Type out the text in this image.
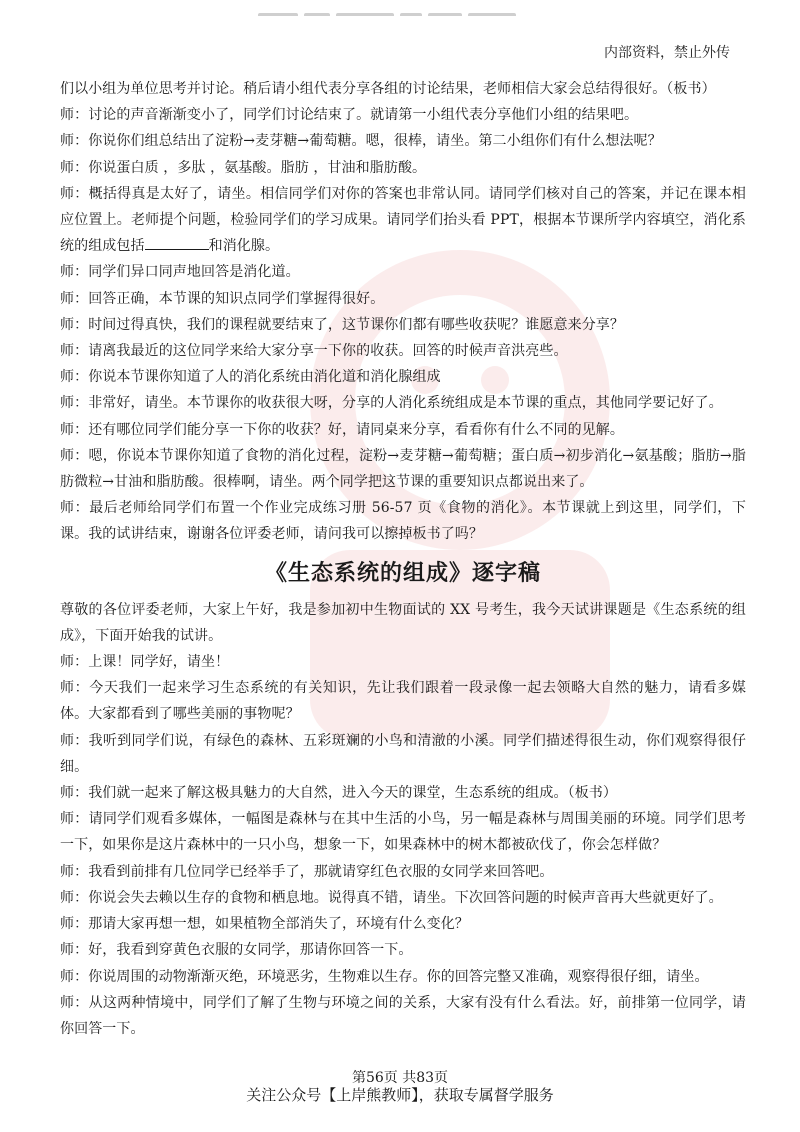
内部资料，禁止外传

们以小组为单位思考并讨论。稍后请小组代表分享各组的讨论结果，老师相信大家会总结得很好。（板书）

师：讨论的声音渐渐变小了，同学们讨论结束了。就请第一小组代表分享他们小组的结果吧。

师：你说你们组总结出了淀粉→麦芽糖→葡萄糖。嗯，很棒，请坐。第二小组你们有什么想法呢？

师：你说蛋白质 ，多肽 ，氨基酸。脂肪 ，甘油和脂肪酸。

师：概括得真是太好了，请坐。相信同学们对你的答案也非常认同。请同学们核对自己的答案，并记在课本相应位置上。老师提个问题，检验同学们的学习成果。请同学们抬头看 PPT，根据本节课所学内容填空，消化系统的组成包括	和消化腺。

师：同学们异口同声地回答是消化道。

师：回答正确，本节课的知识点同学们掌握得很好。

师：时间过得真快，我们的课程就要结束了，这节课你们都有哪些收获呢？谁愿意来分享？

师：请离我最近的这位同学来给大家分享一下你的收获。回答的时候声音洪亮些。

师：你说本节课你知道了人的消化系统由消化道和消化腺组成

师：非常好，请坐。本节课你的收获很大呀，分享的人消化系统组成是本节课的重点，其他同学要记好了。

师：还有哪位同学们能分享一下你的收获？好，请同桌来分享，看看你有什么不同的见解。

师：嗯，你说本节课你知道了食物的消化过程，淀粉→麦芽糖→葡萄糖；蛋白质→初步消化→氨基酸；脂肪→脂肪微粒→甘油和脂肪酸。很棒啊，请坐。两个同学把这节课的重要知识点都说出来了。

师：最后老师给同学们布置一个作业完成练习册 56-57 页《食物的消化》。本节课就上到这里，同学们，下课。我的试讲结束，谢谢各位评委老师，请问我可以擦掉板书了吗？

《生态系统的组成》逐字稿

尊敬的各位评委老师，大家上午好，我是参加初中生物面试的 XX 号考生，我今天试讲课题是《生态系统的组成》，下面开始我的试讲。

师：上课！同学好，请坐！

师：今天我们一起来学习生态系统的有关知识，先让我们跟着一段录像一起去领略大自然的魅力，请看多媒体。大家都看到了哪些美丽的事物呢？

师：我听到同学们说，有绿色的森林、五彩斑斓的小鸟和清澈的小溪。同学们描述得很生动，你们观察得很仔细。

师：我们就一起来了解这极具魅力的大自然，进入今天的课堂，生态系统的组成。（板书）

师：请同学们观看多媒体，一幅图是森林与在其中生活的小鸟，另一幅是森林与周围美丽的环境。同学们思考一下，如果你是这片森林中的一只小鸟，想象一下，如果森林中的树木都被砍伐了，你会怎样做？

师：我看到前排有几位同学已经举手了，那就请穿红色衣服的女同学来回答吧。

师：你说会失去赖以生存的食物和栖息地。说得真不错，请坐。下次回答问题的时候声音再大些就更好了。

师：那请大家再想一想，如果植物全部消失了，环境有什么变化？

师：好，我看到穿黄色衣服的女同学，那请你回答一下。

师：你说周围的动物渐渐灭绝，环境恶劣，生物难以生存。你的回答完整又准确，观察得很仔细，请坐。

师：从这两种情境中，同学们了解了生物与环境之间的关系，大家有没有什么看法。好，前排第一位同学，请你回答一下。

第56页 共83页
关注公众号【上岸熊教师】，获取专属督学服务
